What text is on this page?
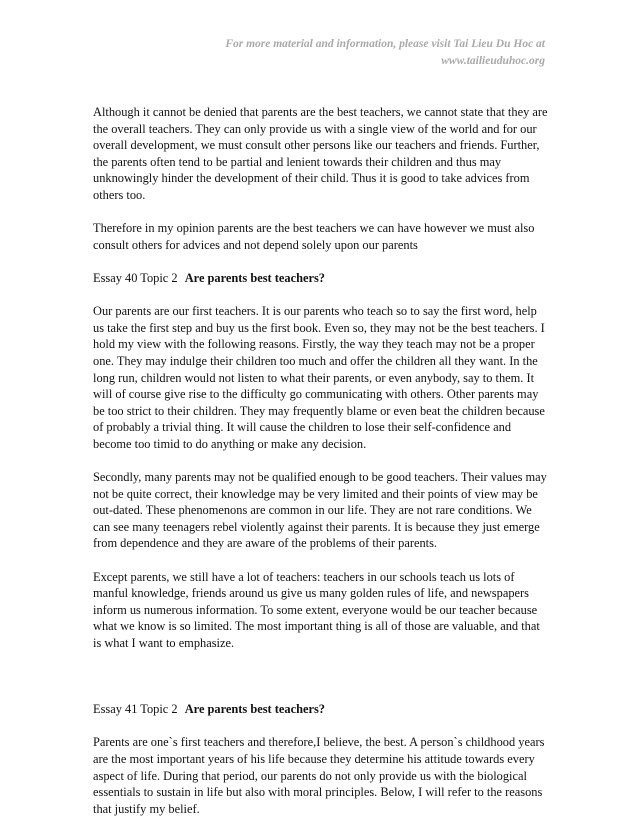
For more material and information, please visit Tai Lieu Du Hoc at
www.tailieuduhoc.org

Although it cannot be denied that parents are the best teachers, we cannot state that they are the overall teachers. They can only provide us with a single view of the world and for our overall development, we must consult other persons like our teachers and friends. Further, the parents often tend to be partial and lenient towards their children and thus may unknowingly hinder the development of their child. Thus it is good to take advices from others too.

Therefore in my opinion parents are the best teachers we can have however we must also consult others for advices and not depend solely upon our parents

Essay 40 Topic 2 Are parents best teachers?

Our parents are our first teachers. It is our parents who teach so to say the first word, help us take the first step and buy us the first book. Even so, they may not be the best teachers. I hold my view with the following reasons. Firstly, the way they teach may not be a proper one. They may indulge their children too much and offer the children all they want. In the long run, children would not listen to what their parents, or even anybody, say to them. It will of course give rise to the difficulty go communicating with others. Other parents may be too strict to their children. They may frequently blame or even beat the children because of probably a trivial thing. It will cause the children to lose their self-confidence and become too timid to do anything or make any decision.

Secondly, many parents may not be qualified enough to be good teachers. Their values may not be quite correct, their knowledge may be very limited and their points of view may be out-dated. These phenomenons are common in our life. They are not rare conditions. We can see many teenagers rebel violently against their parents. It is because they just emerge from dependence and they are aware of the problems of their parents.

Except parents, we still have a lot of teachers: teachers in our schools teach us lots of manful knowledge, friends around us give us many golden rules of life, and newspapers inform us numerous information. To some extent, everyone would be our teacher because what we know is so limited. The most important thing is all of those are valuable, and that is what I want to emphasize.

Essay 41 Topic 2 Are parents best teachers?

Parents are one`s first teachers and therefore,I believe, the best. A person`s childhood years are the most important years of his life because they determine his attitude towards every aspect of life. During that period, our parents do not only provide us with the biological essentials to sustain in life but also with moral principles. Below, I will refer to the reasons that justify my belief.
